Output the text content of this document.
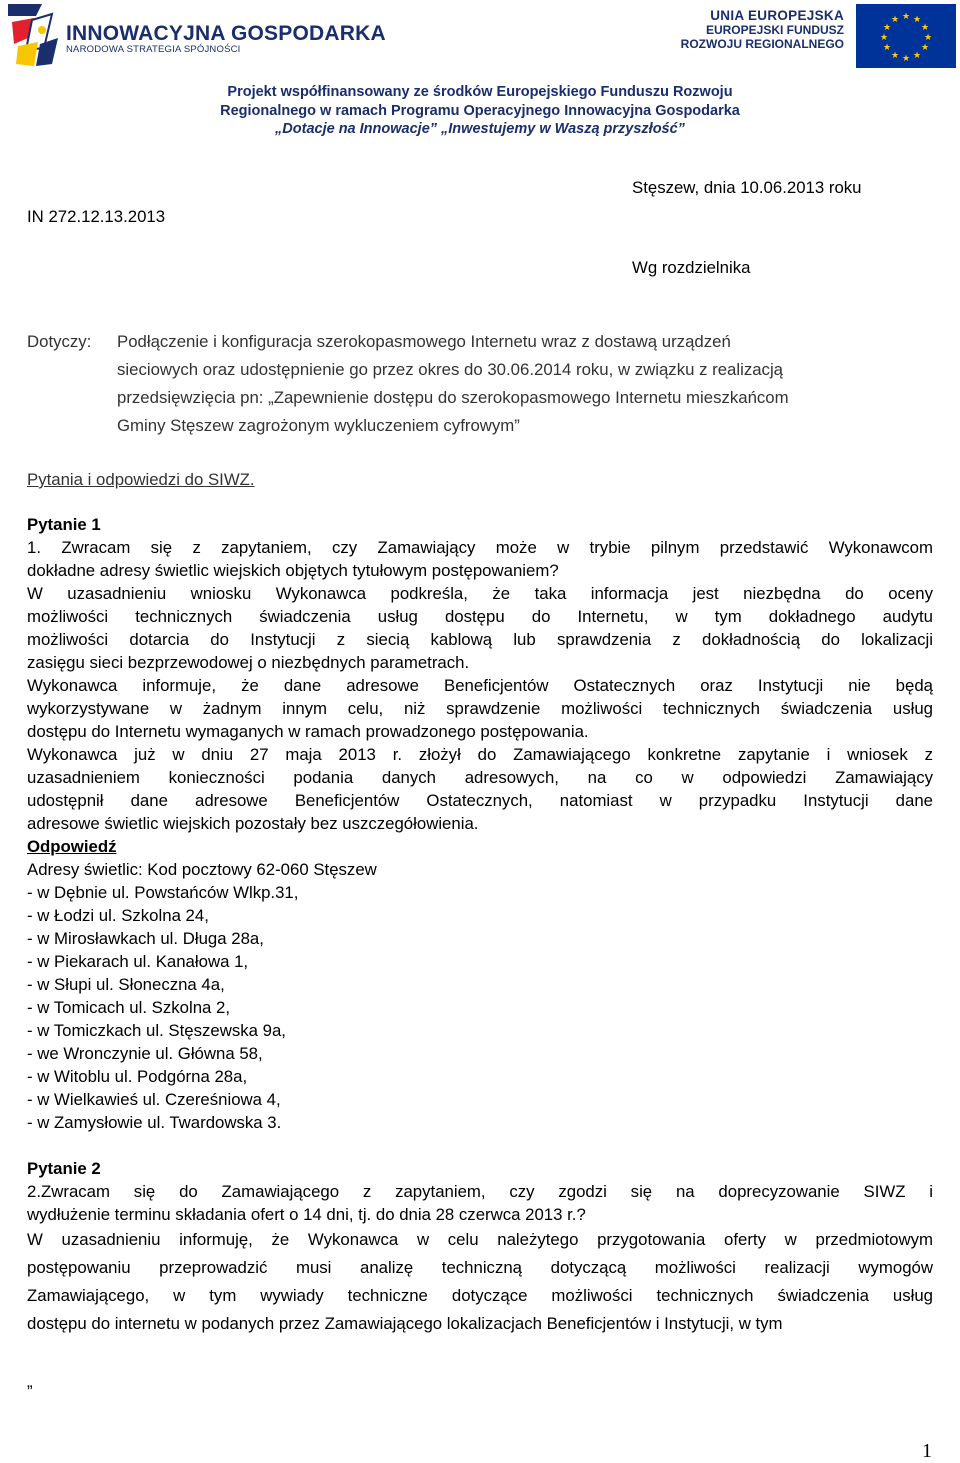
INNOWACYJNA GOSPODARKA
NARODOWA STRATEGIA SPÓJNOŚCI
UNIA EUROPEJSKA
EUROPEJSKI FUNDUSZ
ROZWOJU REGIONALNEGO
★ ★
★
★
★
★
★
★
★
★
★
★
Projekt współfinansowany ze środków Europejskiego Funduszu Rozwoju
Regionalnego w ramach Programu Operacyjnego Innowacyjna Gospodarka
„Dotacje na Innowacje” „Inwestujemy w Waszą przyszłość”
IN 272.12.13.2013
Stęszew, dnia 10.06.2013 roku
Wg rozdzielnika
Dotyczy: Podłączenie i konfiguracja szerokopasmowego Internetu wraz z dostawą urządzeń
sieciowych oraz udostępnienie go przez okres do 30.06.2014 roku, w związku z realizacją
przedsięwzięcia pn: „Zapewnienie dostępu do szerokopasmowego Internetu mieszkańcom
Gminy Stęszew zagrożonym wykluczeniem cyfrowym”
Pytania i odpowiedzi do SIWZ.
Pytanie 1
1. Zwracam się z zapytaniem, czy Zamawiający może w trybie pilnym przedstawić Wykonawcom
dokładne adresy świetlic wiejskich objętych tytułowym postępowaniem?
W uzasadnieniu wniosku Wykonawca podkreśla, że taka informacja jest niezbędna do oceny
możliwości technicznych świadczenia usług dostępu do Internetu, w tym dokładnego audytu
możliwości dotarcia do Instytucji z siecią kablową lub sprawdzenia z dokładnością do lokalizacji
zasięgu sieci bezprzewodowej o niezbędnych parametrach.
Wykonawca informuje, że dane adresowe Beneficjentów Ostatecznych oraz Instytucji nie będą
wykorzystywane w żadnym innym celu, niż sprawdzenie możliwości technicznych świadczenia usług
dostępu do Internetu wymaganych w ramach prowadzonego postępowania.
Wykonawca już w dniu 27 maja 2013 r. złożył do Zamawiającego konkretne zapytanie i wniosek z
uzasadnieniem konieczności podania danych adresowych, na co w odpowiedzi Zamawiający
udostępnił dane adresowe Beneficjentów Ostatecznych, natomiast w przypadku Instytucji dane
adresowe świetlic wiejskich pozostały bez uszczegółowienia.
Odpowiedź
Adresy świetlic: Kod pocztowy 62-060 Stęszew
- w Dębnie ul. Powstańców Wlkp.31,
- w Łodzi ul. Szkolna 24,
- w Mirosławkach ul. Długa 28a,
- w Piekarach ul. Kanałowa 1,
- w Słupi ul. Słoneczna 4a,
- w Tomicach ul. Szkolna 2,
- w Tomiczkach ul. Stęszewska 9a,
- we Wronczynie ul. Główna 58,
- w Witoblu ul. Podgórna 28a,
- w Wielkawieś ul. Czereśniowa 4,
- w Zamysłowie ul. Twardowska 3.
Pytanie 2
2.Zwracam się do Zamawiającego z zapytaniem, czy zgodzi się na doprecyzowanie SIWZ i
wydłużenie terminu składania ofert o 14 dni, tj. do dnia 28 czerwca 2013 r.?
W uzasadnieniu informuję, że Wykonawca w celu należytego przygotowania oferty w przedmiotowym
postępowaniu przeprowadzić musi analizę techniczną dotyczącą możliwości realizacji wymogów
Zamawiającego, w tym wywiady techniczne dotyczące możliwości technicznych świadczenia usług
dostępu do internetu w podanych przez Zamawiającego lokalizacjach Beneficjentów i Instytucji, w tym
„
1
